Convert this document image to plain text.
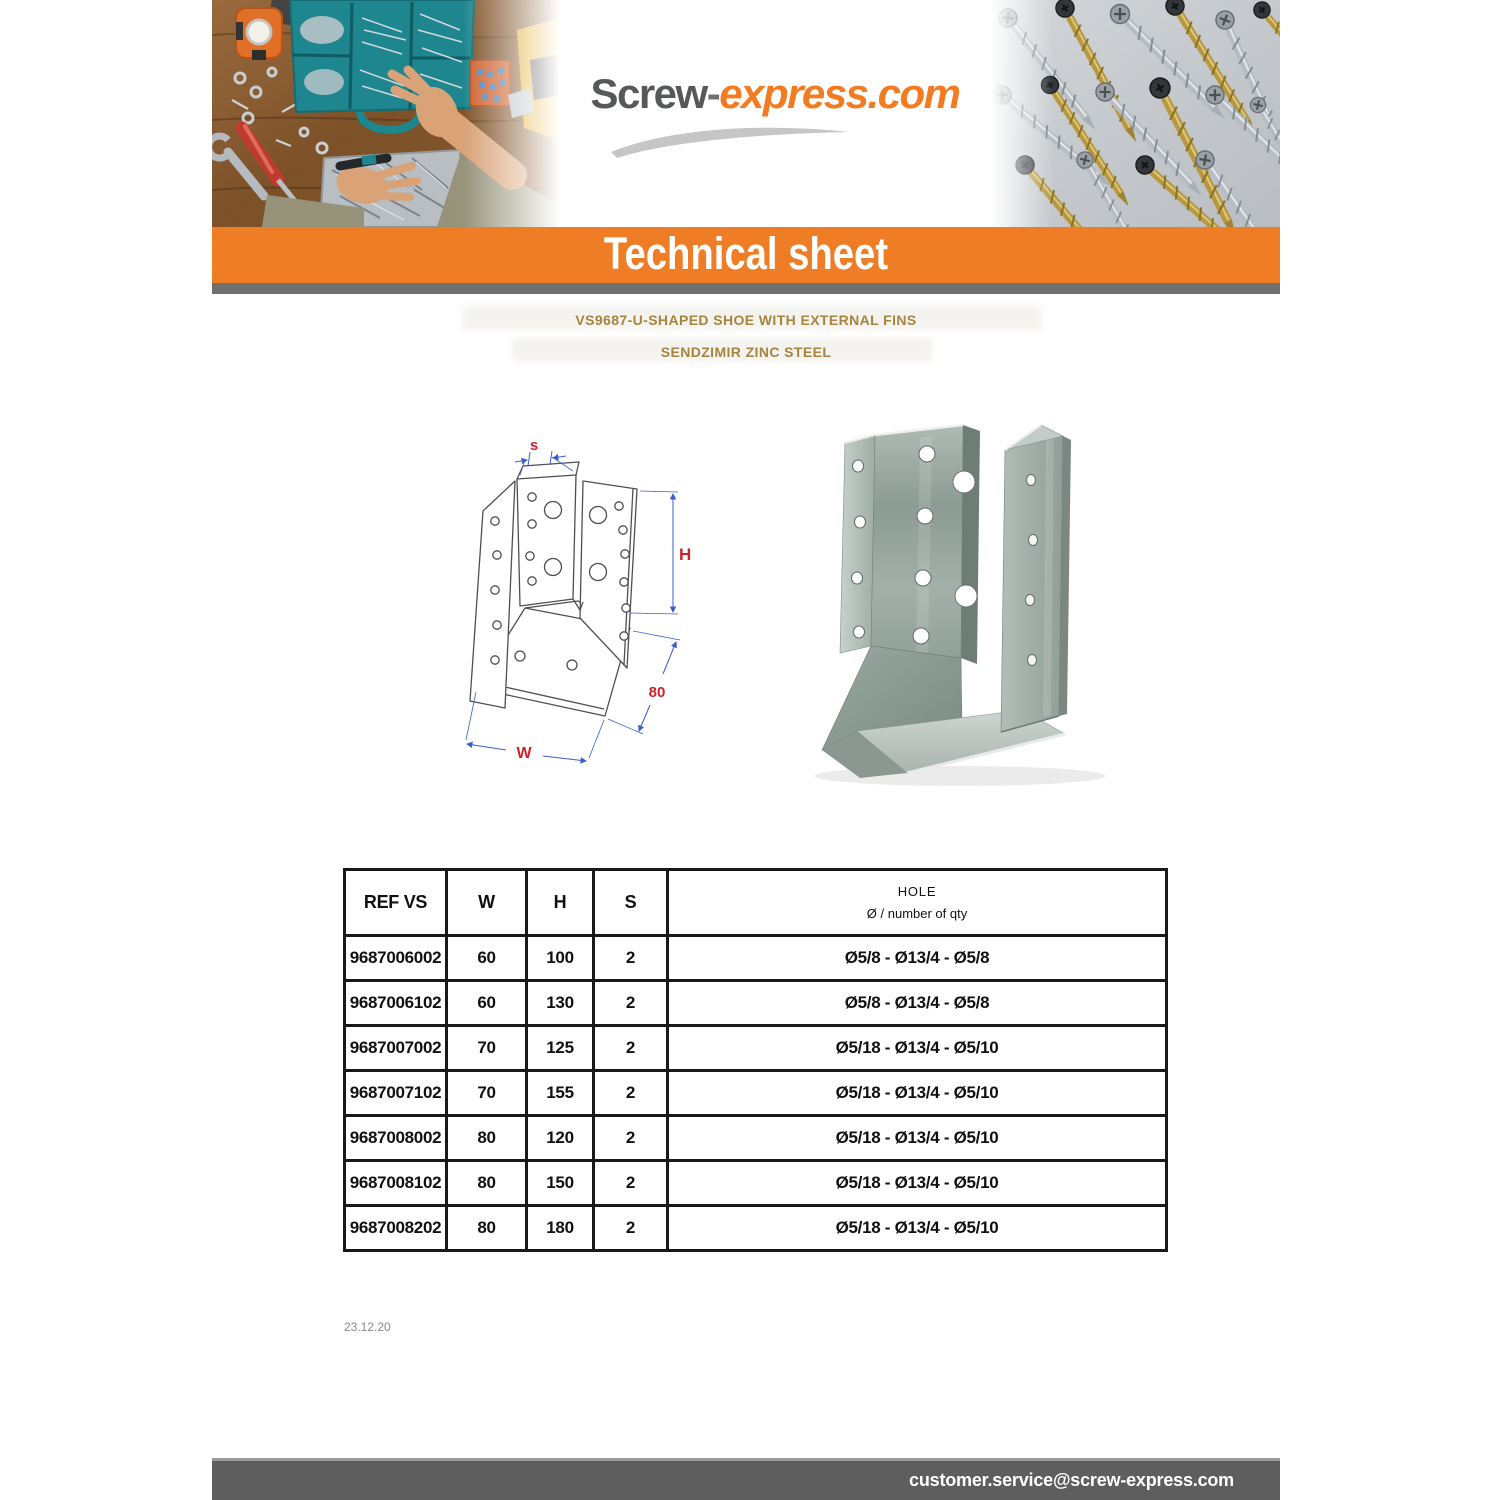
Screw-express.com
Technical sheet
VS9687-U-SHAPED SHOE WITH EXTERNAL FINS
SENDZIMIR ZINC STEEL
s
H
80
W
REF VS	W	H	S	HOLE
Ø / number of qty

9687006002	60	100	2	Ø5/8 - Ø13/4 - Ø5/8
9687006102	60	130	2	Ø5/8 - Ø13/4 - Ø5/8
9687007002	70	125	2	Ø5/18 - Ø13/4 - Ø5/10
9687007102	70	155	2	Ø5/18 - Ø13/4 - Ø5/10
9687008002	80	120	2	Ø5/18 - Ø13/4 - Ø5/10
9687008102	80	150	2	Ø5/18 - Ø13/4 - Ø5/10
9687008202	80	180	2	Ø5/18 - Ø13/4 - Ø5/10
23.12.20
customer.service@screw-express.com
